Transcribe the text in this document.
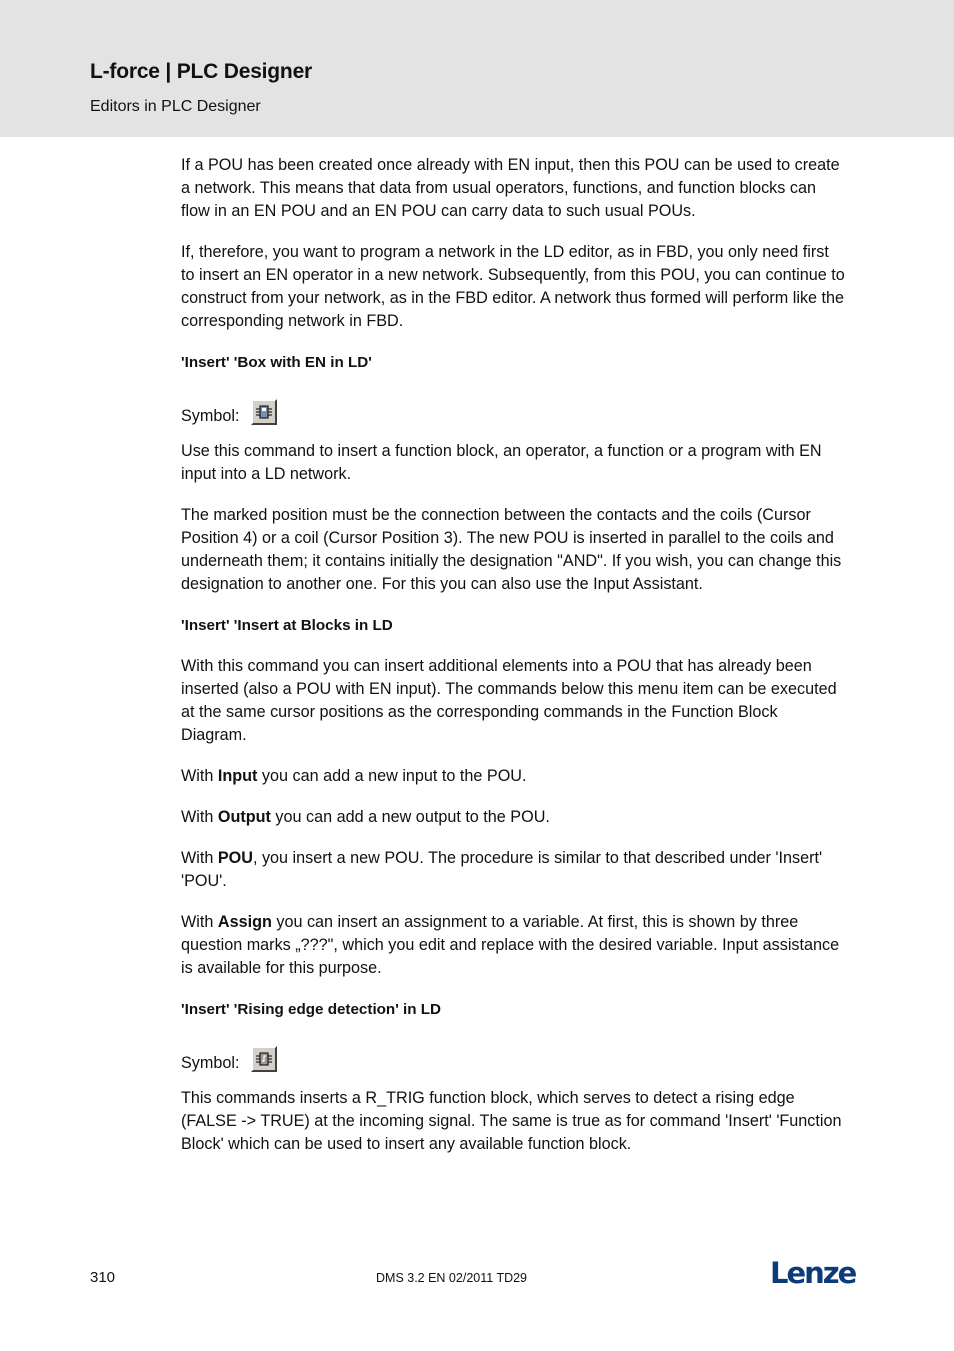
L-force | PLC Designer
Editors in PLC Designer

If a POU has been created once already with EN input, then this POU can be used to create a network. This means that data from usual operators, functions, and function blocks can flow in an EN POU and an EN POU can carry data to such usual POUs.

If, therefore, you want to program a network in the LD editor, as in FBD, you only need first to insert an EN operator in a new network. Subsequently, from this POU, you can continue to construct from your network, as in the FBD editor. A network thus formed will perform like the corresponding network in FBD.

'Insert' 'Box with EN in LD'
Symbol:

Use this command to insert a function block, an operator, a function or a program with EN input into a LD network.

The marked position must be the connection between the contacts and the coils (Cursor Position 4) or a coil (Cursor Position 3). The new POU is inserted in parallel to the coils and underneath them; it contains initially the designation "AND". If you wish, you can change this designation to another one. For this you can also use the Input Assistant.

'Insert' 'Insert at Blocks in LD

With this command you can insert additional elements into a POU that has already been inserted (also a POU with EN input). The commands below this menu item can be executed at the same cursor positions as the corresponding commands in the Function Block Diagram.

With Input you can add a new input to the POU.

With Output you can add a new output to the POU.

With POU, you insert a new POU. The procedure is similar to that described under 'Insert' 'POU'.

With Assign you can insert an assignment to a variable. At first, this is shown by three question marks „???", which you edit and replace with the desired variable. Input assistance is available for this purpose.

'Insert' 'Rising edge detection' in LD
Symbol:

This commands inserts a R_TRIG function block, which serves to detect a rising edge (FALSE -> TRUE) at the incoming signal. The same is true as for command 'Insert' 'Function Block' which can be used to insert any available function block.

310	DMS 3.2 EN 02/2011 TD29	Lenze
